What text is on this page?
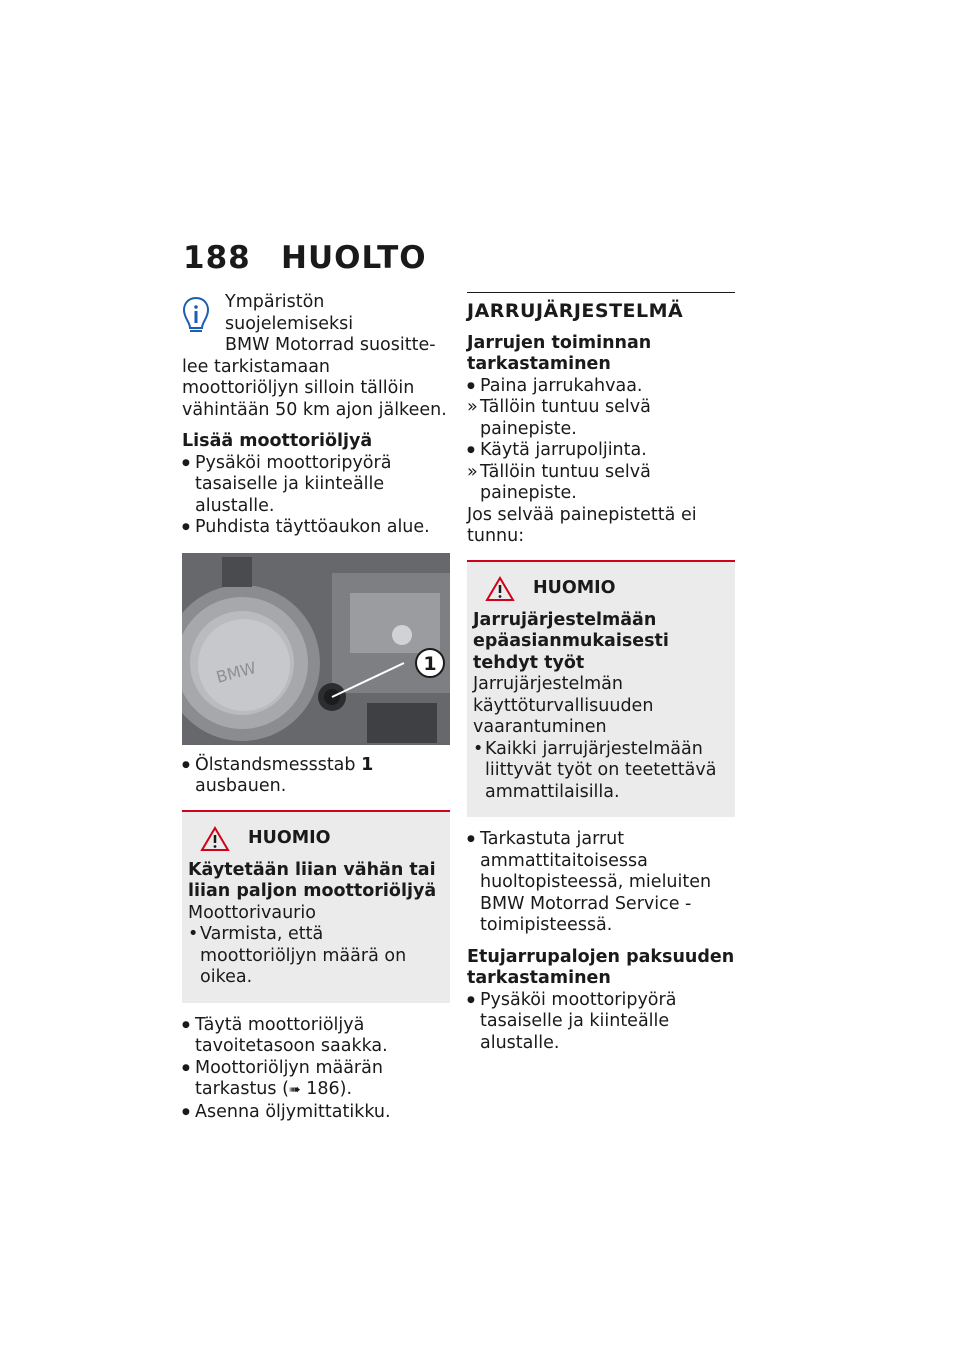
188 HUOLTO

Ympäristön suojelemiseksi

BMW Motorrad suositte-

lee tarkistamaan moottoriöljyn silloin tällöin vähintään 50 km ajon jälkeen.

Lisää moottoriöljyä

● Pysäköi moottoripyörä tasaiselle ja kiinteälle alustalle.

● Puhdista täyttöaukon alue.

1
BMW

● Ölstandsmessstab 1 ausbauen.

HUOMIO

Käytetään liian vähän tai liian paljon moottoriöljyä

Moottorivaurio

• Varmista, että moottoriöljyn määrä on oikea.

● Täytä moottoriöljyä tavoitetasoon saakka.

● Moottoriöljyn määrän tarkastus (➠ 186).

● Asenna öljymittatikku.

JARRUJÄRJESTELMÄ

Jarrujen toiminnan tarkastaminen

● Paina jarrukahvaa.

» Tällöin tuntuu selvä painepiste.

● Käytä jarrupoljinta.

» Tällöin tuntuu selvä painepiste.

Jos selvää painepistettä ei tunnu:

HUOMIO

Jarrujärjestelmään epäasianmukaisesti tehdyt työt

Jarrujärjestelmän käyttöturvallisuuden vaarantuminen

• Kaikki jarrujärjestelmään liittyvät työt on teetettävä ammattilaisilla.

● Tarkastuta jarrut ammattitaitoisessa huoltopisteessä, mieluiten BMW Motorrad Service -toimipisteessä.

Etujarrupalojen paksuuden tarkastaminen

● Pysäköi moottoripyörä tasaiselle ja kiinteälle alustalle.
